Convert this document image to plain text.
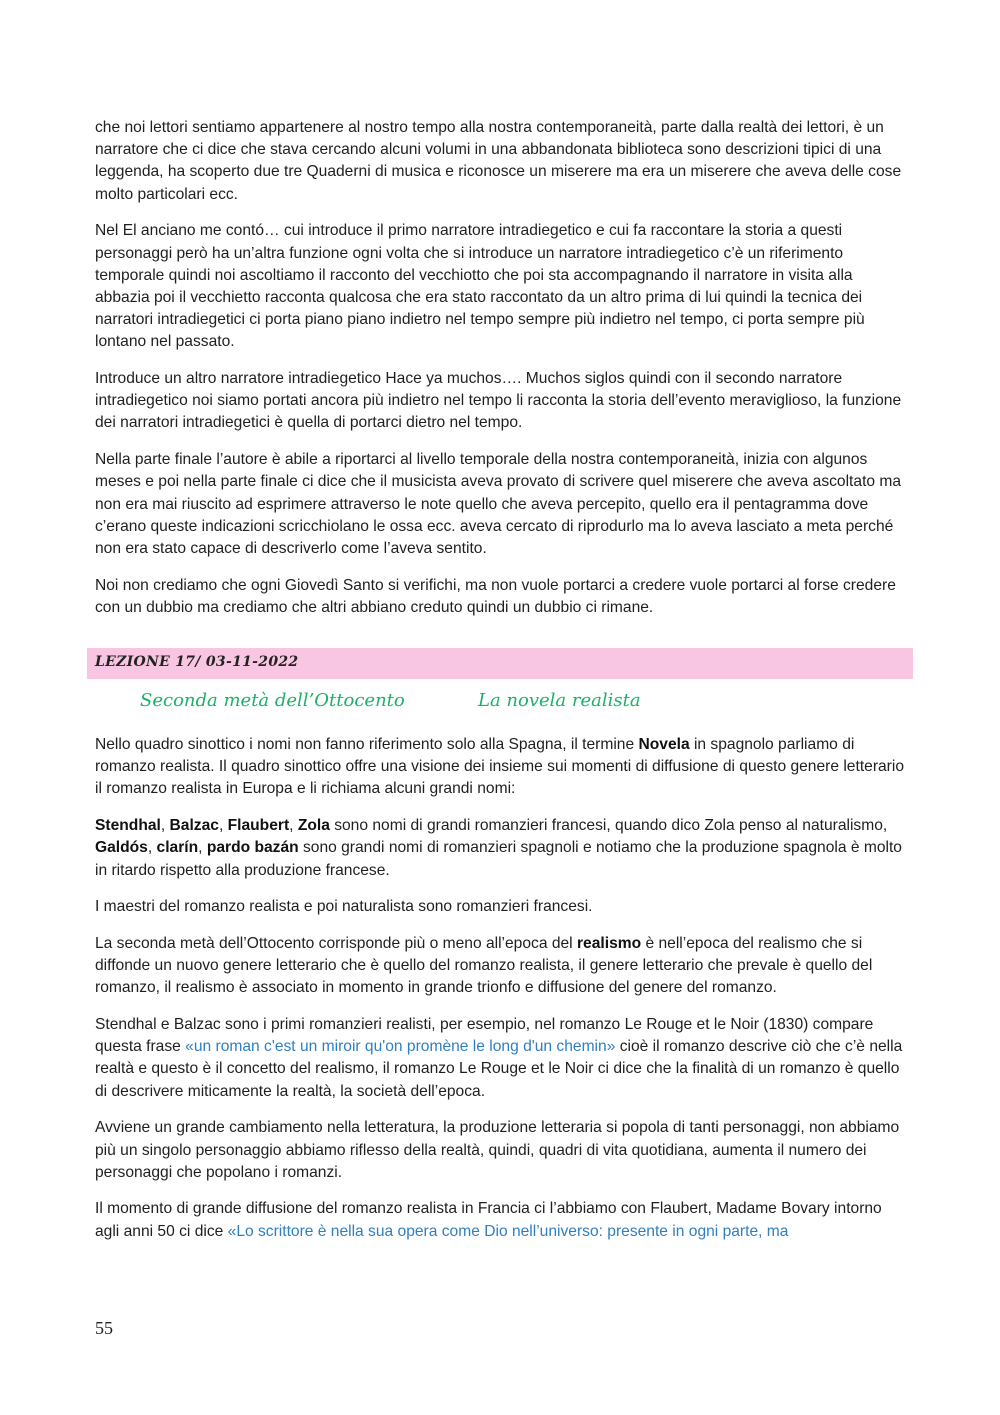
che noi lettori sentiamo appartenere al nostro tempo alla nostra contemporaneità, parte dalla realtà dei lettori, è un narratore che ci dice che stava cercando alcuni volumi in una abbandonata biblioteca sono descrizioni tipici di una leggenda, ha scoperto due tre Quaderni di musica e riconosce un miserere ma era un miserere che aveva delle cose molto particolari ecc.

Nel El anciano me contó… cui introduce il primo narratore intradiegetico e cui fa raccontare la storia a questi personaggi però ha un’altra funzione ogni volta che si introduce un narratore intradiegetico c’è un riferimento temporale quindi noi ascoltiamo il racconto del vecchiotto che poi sta accompagnando il narratore in visita alla abbazia poi il vecchietto racconta qualcosa che era stato raccontato da un altro prima di lui quindi la tecnica dei narratori intradiegetici ci porta piano piano indietro nel tempo sempre più indietro nel tempo, ci porta sempre più lontano nel passato.

Introduce un altro narratore intradiegetico Hace ya muchos…. Muchos siglos quindi con il secondo narratore intradiegetico noi siamo portati ancora più indietro nel tempo li racconta la storia dell’evento meraviglioso, la funzione dei narratori intradiegetici è quella di portarci dietro nel tempo.

Nella parte finale l’autore è abile a riportarci al livello temporale della nostra contemporaneità, inizia con algunos meses e poi nella parte finale ci dice che il musicista aveva provato di scrivere quel miserere che aveva ascoltato ma non era mai riuscito ad esprimere attraverso le note quello che aveva percepito, quello era il pentagramma dove c’erano queste indicazioni scricchiolano le ossa ecc. aveva cercato di riprodurlo ma lo aveva lasciato a meta perché non era stato capace di descriverlo come l’aveva sentito.

Noi non crediamo che ogni Giovedì Santo si verifichi, ma non vuole portarci a credere vuole portarci al forse credere con un dubbio ma crediamo che altri abbiano creduto quindi un dubbio ci rimane.

LEZIONE 17/ 03-11-2022
Seconda metà dell’Ottocento	La novela realista

Nello quadro sinottico i nomi non fanno riferimento solo alla Spagna, il termine Novela in spagnolo parliamo di romanzo realista. Il quadro sinottico offre una visione dei insieme sui momenti di diffusione di questo genere letterario il romanzo realista in Europa e li richiama alcuni grandi nomi:

Stendhal, Balzac, Flaubert, Zola sono nomi di grandi romanzieri francesi, quando dico Zola penso al naturalismo, Galdós, clarín, pardo bazán sono grandi nomi di romanzieri spagnoli e notiamo che la produzione spagnola è molto in ritardo rispetto alla produzione francese.

I maestri del romanzo realista e poi naturalista sono romanzieri francesi.

La seconda metà dell’Ottocento corrisponde più o meno all’epoca del realismo è nell’epoca del realismo che si diffonde un nuovo genere letterario che è quello del romanzo realista, il genere letterario che prevale è quello del romanzo, il realismo è associato in momento in grande trionfo e diffusione del genere del romanzo.

Stendhal e Balzac sono i primi romanzieri realisti, per esempio, nel romanzo Le Rouge et le Noir (1830) compare questa frase «un roman c'est un miroir qu'on promène le long d'un chemin» cioè il romanzo descrive ciò che c’è nella realtà e questo è il concetto del realismo, il romanzo Le Rouge et le Noir ci dice che la finalità di un romanzo è quello di descrivere miticamente la realtà, la società dell’epoca.

Avviene un grande cambiamento nella letteratura, la produzione letteraria si popola di tanti personaggi, non abbiamo più un singolo personaggio abbiamo riflesso della realtà, quindi, quadri di vita quotidiana, aumenta il numero dei personaggi che popolano i romanzi.

Il momento di grande diffusione del romanzo realista in Francia ci l’abbiamo con Flaubert, Madame Bovary intorno agli anni 50 ci dice «Lo scrittore è nella sua opera come Dio nell’universo: presente in ogni parte, ma

55
